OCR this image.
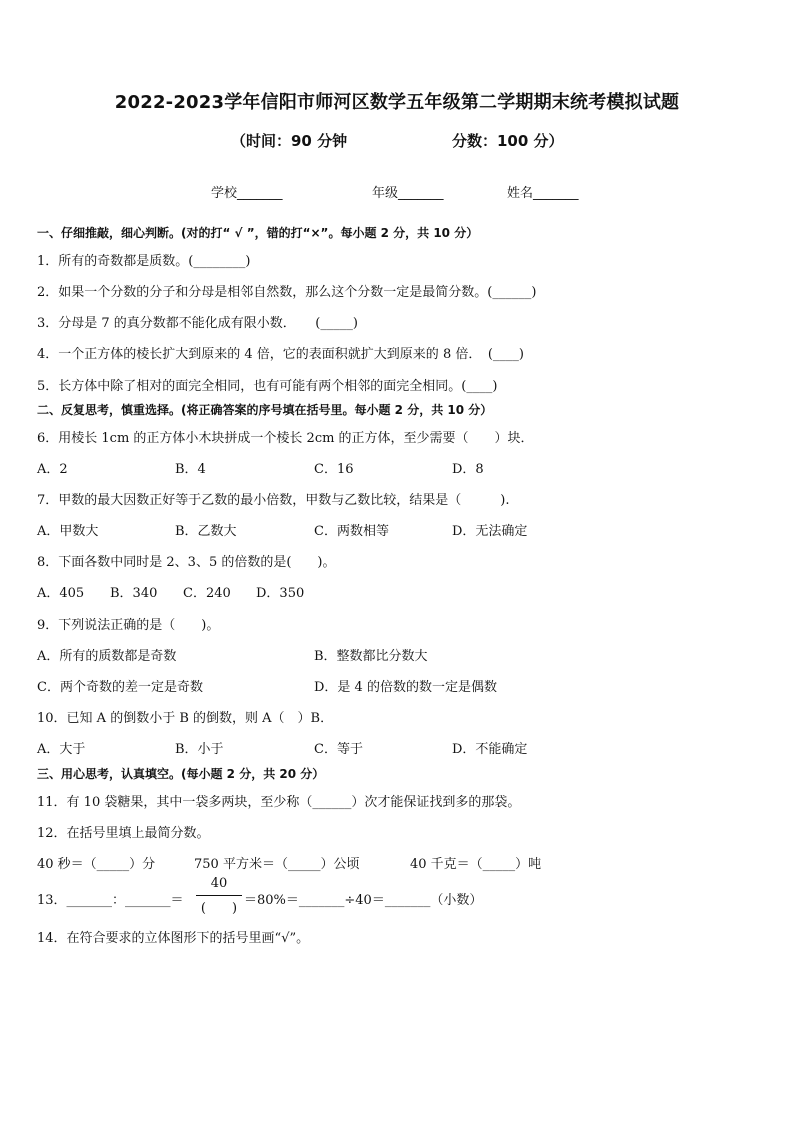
2022-2023学年信阳市师河区数学五年级第二学期期末统考模拟试题
（时间：90 分钟	分数：100 分）
学校_______	年级_______	姓名_______
一、仔细推敲，细心判断。(对的打“ √ ”，错的打“×”。每小题 2 分，共 10 分）
1．所有的奇数都是质数。(________)
2．如果一个分数的分子和分母是相邻自然数，那么这个分数一定是最简分数。(______)
3．分母是 7 的真分数都不能化成有限小数．　　(_____)
4．一个正方体的棱长扩大到原来的 4 倍，它的表面积就扩大到原来的 8 倍．　(____)
5．长方体中除了相对的面完全相同，也有可能有两个相邻的面完全相同。(____)
二、反复思考，慎重选择。(将正确答案的序号填在括号里。每小题 2 分，共 10 分）
6．用棱长 1cm 的正方体小木块拼成一个棱长 2cm 的正方体，至少需要（　　）块．
A．2	B．4	C．16	D．8
7．甲数的最大因数正好等于乙数的最小倍数，甲数与乙数比较，结果是（　　　).
A．甲数大	B．乙数大	C．两数相等	D．无法确定
8．下面各数中同时是 2、3、5 的倍数的是(　　)。
A．405 B．340 C．240 D．350
9．下列说法正确的是（　　)。
A．所有的质数都是奇数	B．整数都比分数大
C．两个奇数的差一定是奇数	D．是 4 的倍数的数一定是偶数
10．已知 A 的倒数小于 B 的倒数，则 A（　）B．
A．大于	B．小于	C．等于	D．不能确定
三、用心思考，认真填空。(每小题 2 分，共 20 分）
11．有 10 袋糖果，其中一袋多两块，至少称（______）次才能保证找到多的那袋。
12．在括号里填上最简分数。
40 秒＝（_____）分	750 平方米＝（_____）公顷	40 千克＝（_____）吨
13．_______：_______＝
40
(　　)
＝80%＝_______÷40＝_______（小数）
14．在符合要求的立体图形下的括号里画“√”。
